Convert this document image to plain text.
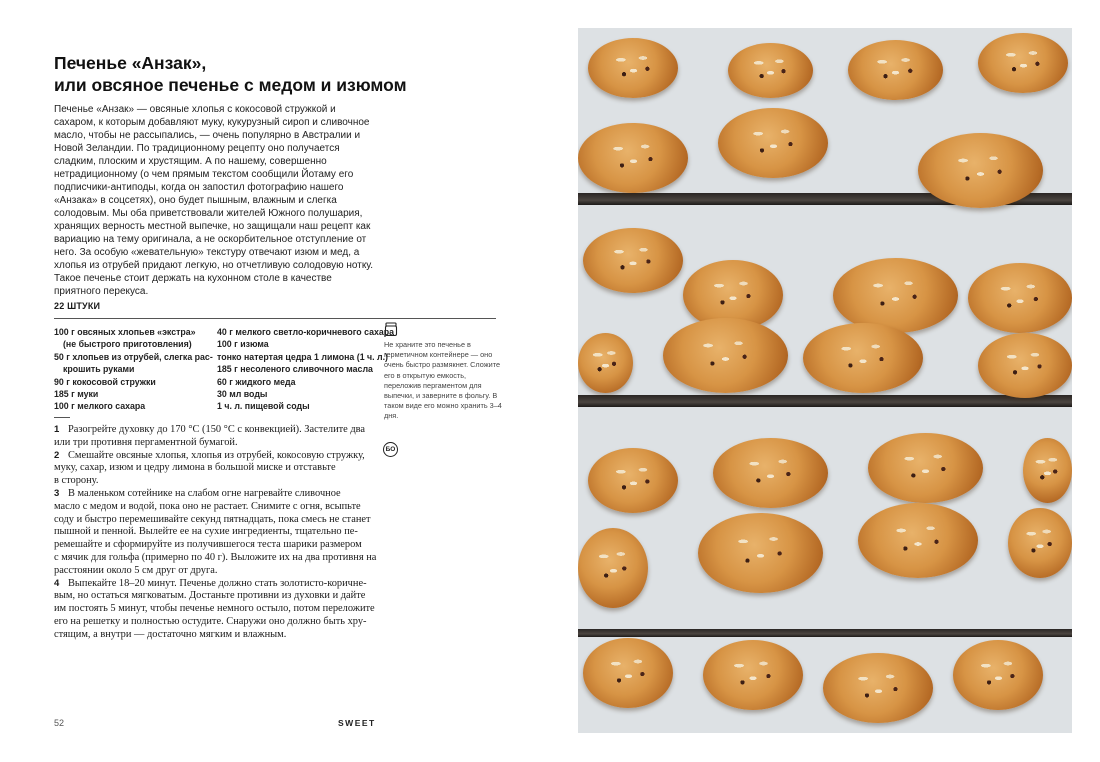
Печенье «Анзак»,
или овсяное печенье с медом и изюмом

Печенье «Анзак» — овсяные хлопья с кокосовой стружкой и сахаром, к которым добавляют муку, кукурузный сироп и сливочное масло, чтобы не рассыпались, — очень популярно в Австралии и Новой Зеландии. По традиционному рецепту оно получается сладким, плоским и хрустящим. А по нашему, совершенно нетрадиционному (о чем прямым текстом сообщили Йотаму его подписчики-антиподы, когда он запостил фотографию нашего «Анзака» в соцсетях), оно будет пышным, влажным и слегка солодовым. Мы оба приветствовали жителей Южного полушария, хранящих верность местной выпечке, но защищали наш рецепт как вариацию на тему оригинала, а не оскорбительное отступление от него. За особую «жевательную» текстуру отвечают изюм и мед, а хлопья из отрубей придают легкую, но отчетливую солодовую нотку. Такое печенье стоит держать на кухонном столе в качестве приятного перекуса.

22 ШТУКИ
100 г овсяных хлопьев «экстра»
(не быстрого приготовления)
50 г хлопьев из отрубей, слегка рас-
крошить руками
90 г кокосовой стружки
185 г муки
100 г мелкого сахара
40 г мелкого светло-коричневого сахара
100 г изюма
тонко натертая цедра 1 лимона (1 ч. л.)
185 г несоленого сливочного масла
60 г жидкого меда
30 мл воды
1 ч. л. пищевой соды
1 Разогрейте духовку до 170 °C (150 °C с конвекцией). Застелите два
или три противня пергаментной бумагой.
2 Смешайте овсяные хлопья, хлопья из отрубей, кокосовую стружку,
муку, сахар, изюм и цедру лимона в большой миске и отставьте
в сторону.
3 В маленьком сотейнике на слабом огне нагревайте сливочное
масло с медом и водой, пока оно не растает. Снимите с огня, всыпьте
соду и быстро перемешивайте секунд пятнадцать, пока смесь не станет
пышной и пенной. Вылейте ее на сухие ингредиенты, тщательно пе-
ремешайте и сформируйте из получившегося теста шарики размером
с мячик для гольфа (примерно по 40 г). Выложите их на два противня на
расстоянии около 5 см друг от друга.
4 Выпекайте 18–20 минут. Печенье должно стать золотисто-коричне-
вым, но остаться мягковатым. Достаньте противни из духовки и дайте
им постоять 5 минут, чтобы печенье немного остыло, потом переложите
его на решетку и полностью остудите. Снаружи оно должно быть хру-
стящим, а внутри — достаточно мягким и влажным.

Не храните это печенье в герметичном контейнере — оно очень быстро размякнет. Сложите его в открытую емкость, переложив пергаментом для выпечки, и заверните в фольгу. В таком виде его можно хранить 3–4 дня.

БО
52	SWEET
